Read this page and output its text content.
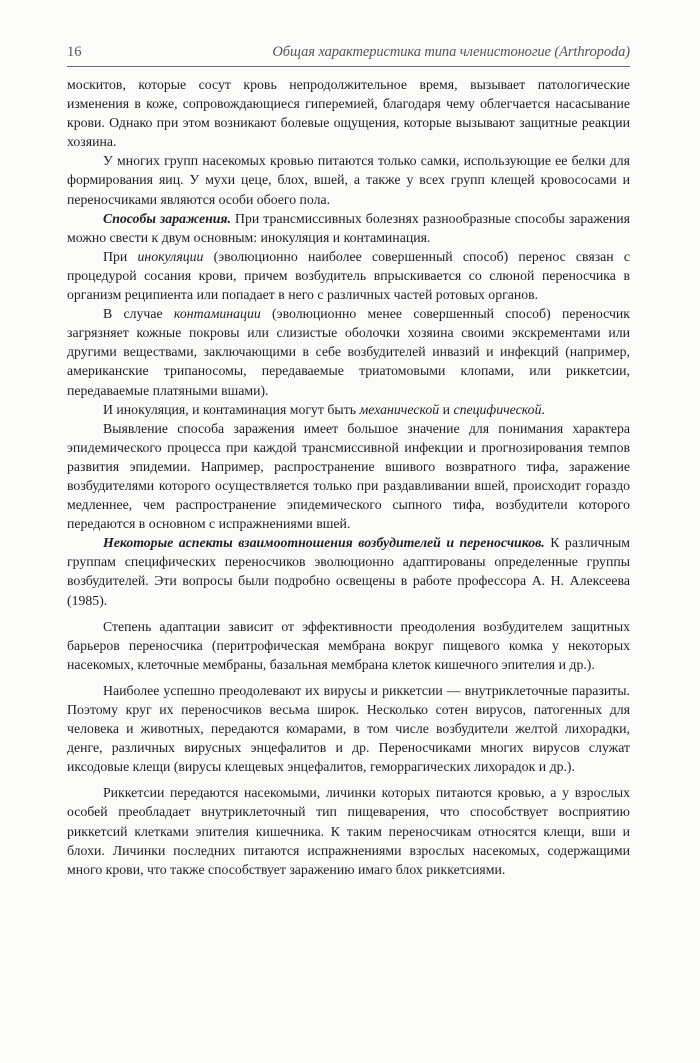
16	Общая характеристика типа членистоногие (Arthropoda)

москитов, которые сосут кровь непродолжительное время, вызывает патологические изменения в коже, сопровождающиеся гиперемией, благодаря чему облегчается насасывание крови. Однако при этом возникают болевые ощущения, которые вызывают защитные реакции хозяина.

У многих групп насекомых кровью питаются только самки, использующие ее белки для формирования яиц. У мухи цеце, блох, вшей, а также у всех групп клещей кровососами и переносчиками являются особи обоего пола.

Способы заражения. При трансмиссивных болезнях разнообразные способы заражения можно свести к двум основным: инокуляция и контаминация.

При инокуляции (эволюционно наиболее совершенный способ) перенос связан с процедурой сосания крови, причем возбудитель впрыскивается со слюной переносчика в организм реципиента или попадает в него с различных частей ротовых органов.

В случае контаминации (эволюционно менее совершенный способ) переносчик загрязняет кожные покровы или слизистые оболочки хозяина своими экскрементами или другими веществами, заключающими в себе возбудителей инвазий и инфекций (например, американские трипаносомы, передаваемые триатомовыми клопами, или риккетсии, передаваемые платяными вшами).

И инокуляция, и контаминация могут быть механической и специфической.

Выявление способа заражения имеет большое значение для понимания характера эпидемического процесса при каждой трансмиссивной инфекции и прогнозирования темпов развития эпидемии. Например, распространение вшивого возвратного тифа, заражение возбудителями которого осуществляется только при раздавливании вшей, происходит гораздо медленнее, чем распространение эпидемического сыпного тифа, возбудители которого передаются в основном с испражнениями вшей.

Некоторые аспекты взаимоотношения возбудителей и переносчиков. К различным группам специфических переносчиков эволюционно адаптированы определенные группы возбудителей. Эти вопросы были подробно освещены в работе профессора А. Н. Алексеева (1985).

Степень адаптации зависит от эффективности преодоления возбудителем защитных барьеров переносчика (перитрофическая мембрана вокруг пищевого комка у некоторых насекомых, клеточные мембраны, базальная мембрана клеток кишечного эпителия и др.).

Наиболее успешно преодолевают их вирусы и риккетсии — внутриклеточные паразиты. Поэтому круг их переносчиков весьма широк. Несколько сотен вирусов, патогенных для человека и животных, передаются комарами, в том числе возбудители желтой лихорадки, денге, различных вирусных энцефалитов и др. Переносчиками многих вирусов служат иксодовые клещи (вирусы клещевых энцефалитов, геморрагических лихорадок и др.).

Риккетсии передаются насекомыми, личинки которых питаются кровью, а у взрослых особей преобладает внутриклеточный тип пищеварения, что способствует восприятию риккетсий клетками эпителия кишечника. К таким переносчикам относятся клещи, вши и блохи. Личинки последних питаются испражнениями взрослых насекомых, содержащими много крови, что также способствует заражению имаго блох риккетсиями.
